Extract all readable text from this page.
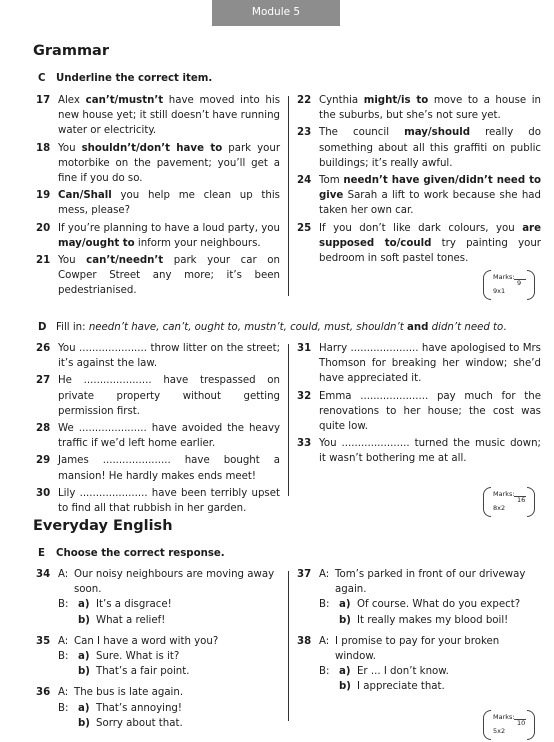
Module 5
Grammar
C Underline the correct item.
17 Alex can’t/mustn’t have moved into his new house yet; it still doesn’t have running water or electricity.
18 You shouldn’t/don’t have to park your motorbike on the pavement; you’ll get a fine if you do so.
19 Can/Shall you help me clean up this mess, please?
20 If you’re planning to have a loud party, you may/ought to inform your neighbours.
21 You can’t/needn’t park your car on Cowper Street any more; it’s been pedestrianised.
22 Cynthia might/is to move to a house in the suburbs, but she’s not sure yet.
23 The council may/should really do something about all this graffiti on public buildings; it’s really awful.
24 Tom needn’t have given/didn’t need to give Sarah a lift to work because she had taken her own car.
25 If you don’t like dark colours, you are supposed to/could try painting your bedroom in soft pastel tones.
Marks:
9x1
9
D Fill in: needn’t have, can’t, ought to, mustn’t, could, must, shouldn’t and didn’t need to.
26 You ..................... throw litter on the street; it’s against the law.
27 He ..................... have trespassed on private property without getting permission first.
28 We ..................... have avoided the heavy traffic if we’d left home earlier.
29 James ..................... have bought a mansion! He hardly makes ends meet!
30 Lily ..................... have been terribly upset to find all that rubbish in her garden.
31 Harry ..................... have apologised to Mrs Thomson for breaking her window; she’d have appreciated it.
32 Emma ..................... pay much for the renovations to her house; the cost was quite low.
33 You ..................... turned the music down; it wasn’t bothering me at all.
Marks:
8x2
16
Everyday English
E Choose the correct response.
34 A: Our noisy neighbours are moving away soon.
B: a) It’s a disgrace!
b) What a relief!
35 A: Can I have a word with you?
B: a) Sure. What is it?
b) That’s a fair point.
36 A: The bus is late again.
B: a) That’s annoying!
b) Sorry about that.
37 A: Tom’s parked in front of our driveway again.
B: a) Of course. What do you expect?
b) It really makes my blood boil!
38 A: I promise to pay for your broken window.
B: a) Er ... I don’t know.
b) I appreciate that.
Marks:
5x2
10
